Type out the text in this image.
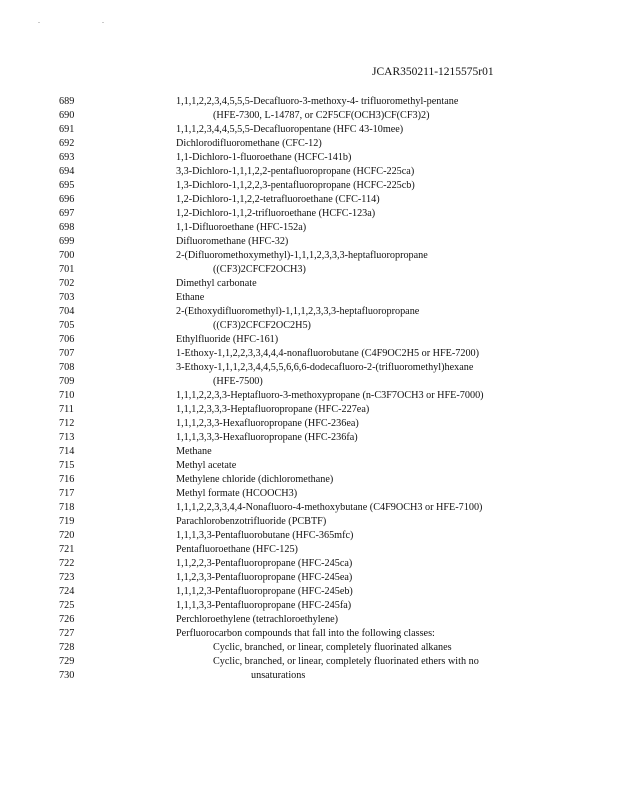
. .
JCAR350211-1215575r01
689	1,1,1,2,2,3,4,5,5,5-Decafluoro-3-methoxy-4- trifluoromethyl-pentane
690	(HFE-7300, L-14787, or C2F5CF(OCH3)CF(CF3)2)
691	1,1,1,2,3,4,4,5,5,5-Decafluoropentane (HFC 43-10mee)
692	Dichlorodifluoromethane (CFC-12)
693	1,1-Dichloro-1-fluoroethane (HCFC-141b)
694	3,3-Dichloro-1,1,1,2,2-pentafluoropropane (HCFC-225ca)
695	1,3-Dichloro-1,1,2,2,3-pentafluoropropane (HCFC-225cb)
696	1,2-Dichloro-1,1,2,2-tetrafluoroethane (CFC-114)
697	1,2-Dichloro-1,1,2-trifluoroethane (HCFC-123a)
698	1,1-Difluoroethane (HFC-152a)
699	Difluoromethane (HFC-32)
700	2-(Difluoromethoxymethyl)-1,1,1,2,3,3,3-heptafluoropropane
701	((CF3)2CFCF2OCH3)
702	Dimethyl carbonate
703	Ethane
704	2-(Ethoxydifluoromethyl)-1,1,1,2,3,3,3-heptafluoropropane
705	((CF3)2CFCF2OC2H5)
706	Ethylfluoride (HFC-161)
707	1-Ethoxy-1,1,2,2,3,3,4,4,4-nonafluorobutane (C4F9OC2H5 or HFE-7200)
708	3-Ethoxy-1,1,1,2,3,4,4,5,5,6,6,6-dodecafluoro-2-(trifluoromethyl)hexane
709	(HFE-7500)
710	1,1,1,2,2,3,3-Heptafluoro-3-methoxypropane (n-C3F7OCH3 or HFE-7000)
711	1,1,1,2,3,3,3-Heptafluoropropane (HFC-227ea)
712	1,1,1,2,3,3-Hexafluoropropane (HFC-236ea)
713	1,1,1,3,3,3-Hexafluoropropane (HFC-236fa)
714	Methane
715	Methyl acetate
716	Methylene chloride (dichloromethane)
717	Methyl formate (HCOOCH3)
718	1,1,1,2,2,3,3,4,4-Nonafluoro-4-methoxybutane (C4F9OCH3 or HFE-7100)
719	Parachlorobenzotrifluoride (PCBTF)
720	1,1,1,3,3-Pentafluorobutane (HFC-365mfc)
721	Pentafluoroethane (HFC-125)
722	1,1,2,2,3-Pentafluoropropane (HFC-245ca)
723	1,1,2,3,3-Pentafluoropropane (HFC-245ea)
724	1,1,1,2,3-Pentafluoropropane (HFC-245eb)
725	1,1,1,3,3-Pentafluoropropane (HFC-245fa)
726	Perchloroethylene (tetrachloroethylene)
727	Perfluorocarbon compounds that fall into the following classes:
728	Cyclic, branched, or linear, completely fluorinated alkanes
729	Cyclic, branched, or linear, completely fluorinated ethers with no
730	unsaturations
